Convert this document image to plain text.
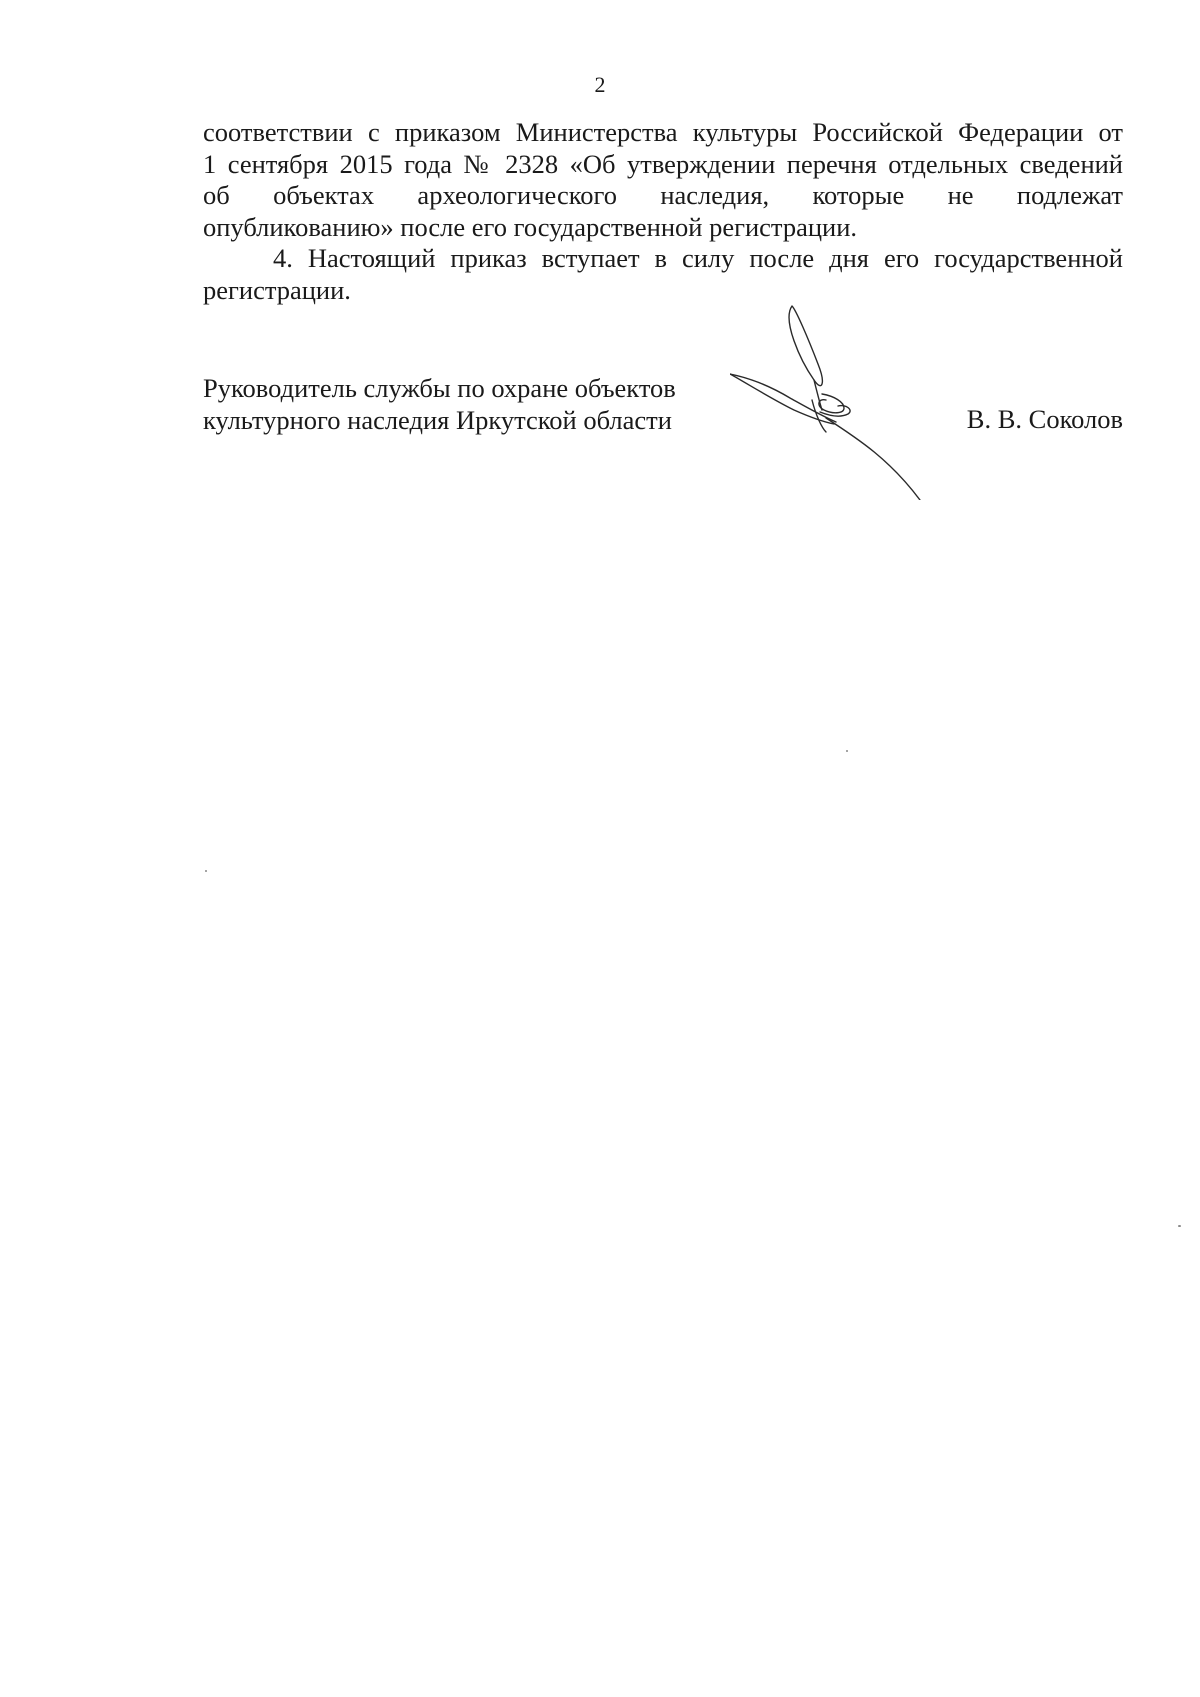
2

соответствии с приказом Министерства культуры Российской Федерации от
1 сентября 2015 года № 2328 «Об утверждении перечня отдельных сведений
об объектах археологического наследия, которые не подлежат
опубликованию» после его государственной регистрации.

4. Настоящий приказ вступает в силу после дня его государственной
регистрации.

Руководитель службы по охране объектов
культурного наследия Иркутской области	В. В. Соколов
